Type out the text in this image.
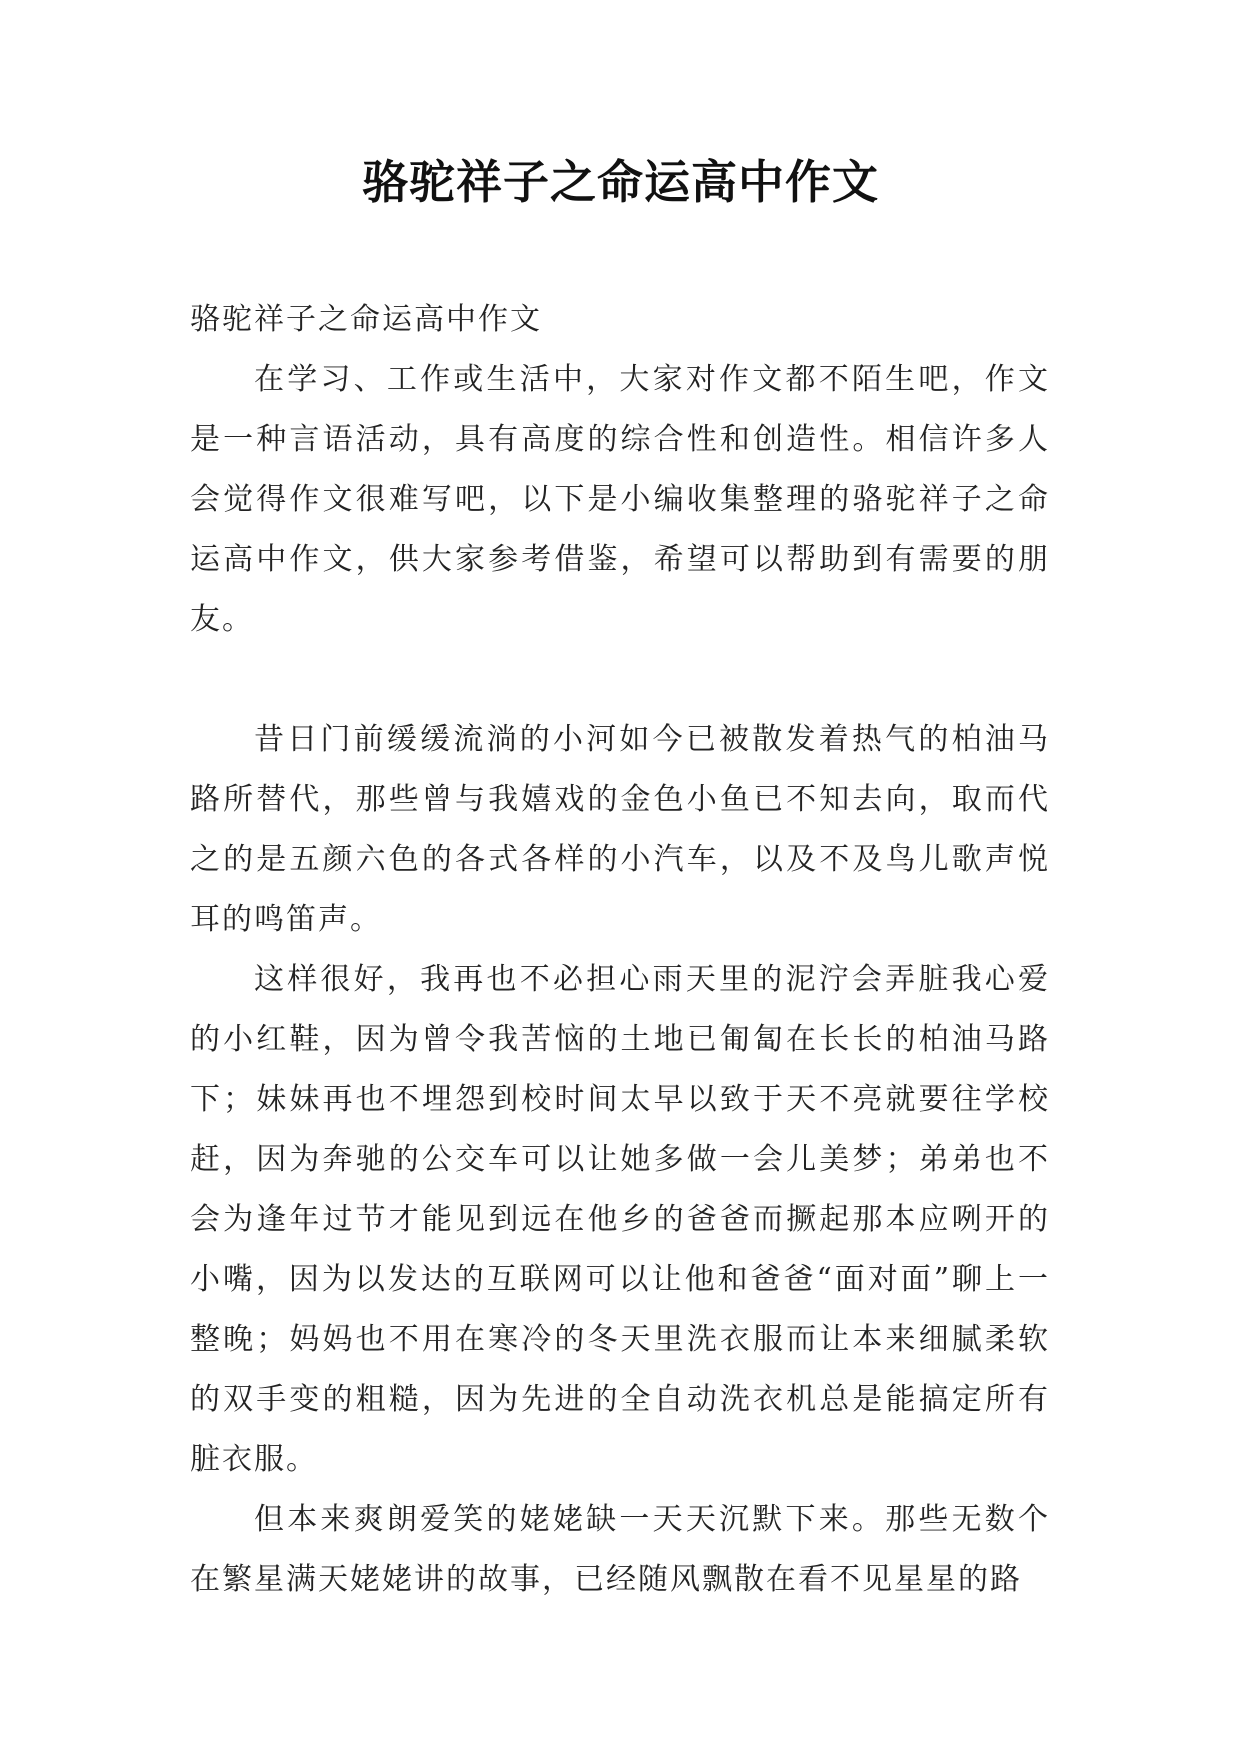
骆驼祥子之命运高中作文

骆驼祥子之命运高中作文

在学习、工作或生活中，大家对作文都不陌生吧，作文是一种言语活动，具有高度的综合性和创造性。相信许多人会觉得作文很难写吧，以下是小编收集整理的骆驼祥子之命运高中作文，供大家参考借鉴，希望可以帮助到有需要的朋友。

昔日门前缓缓流淌的小河如今已被散发着热气的柏油马路所替代，那些曾与我嬉戏的金色小鱼已不知去向，取而代之的是五颜六色的各式各样的小汽车，以及不及鸟儿歌声悦耳的鸣笛声。

这样很好，我再也不必担心雨天里的泥泞会弄脏我心爱的小红鞋，因为曾令我苦恼的土地已匍匐在长长的柏油马路下；妹妹再也不埋怨到校时间太早以致于天不亮就要往学校赶，因为奔驰的公交车可以让她多做一会儿美梦；弟弟也不会为逢年过节才能见到远在他乡的爸爸而撅起那本应咧开的小嘴，因为以发达的互联网可以让他和爸爸“面对面”聊上一整晚；妈妈也不用在寒冷的冬天里洗衣服而让本来细腻柔软的双手变的粗糙，因为先进的全自动洗衣机总是能搞定所有脏衣服。

但本来爽朗爱笑的姥姥缺一天天沉默下来。那些无数个在繁星满天姥姥讲的故事，已经随风飘散在看不见星星的路
